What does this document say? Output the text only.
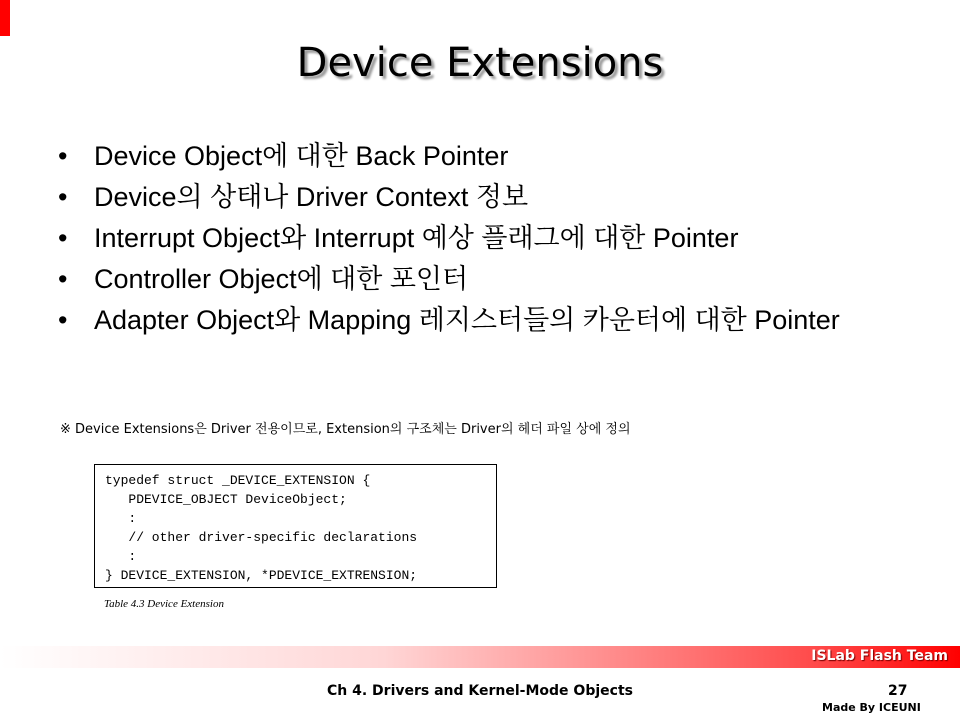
Device Extensions
• Device Object에 대한 Back Pointer
• Device의 상태나 Driver Context 정보
• Interrupt Object와 Interrupt 예상 플래그에 대한 Pointer
• Controller Object에 대한 포인터
• Adapter Object와 Mapping 레지스터들의 카운터에 대한 Pointer
※ Device Extensions은 Driver 전용이므로, Extension의 구조체는 Driver의 헤더 파일 상에 정의
typedef struct _DEVICE_EXTENSION {
PDEVICE_OBJECT DeviceObject;
:
// other driver-specific declarations
:
} DEVICE_EXTENSION, *PDEVICE_EXTRENSION;
Table 4.3 Device Extension
ISLab Flash Team
Ch 4. Drivers and Kernel-Mode Objects	27
Made By ICEUNI
